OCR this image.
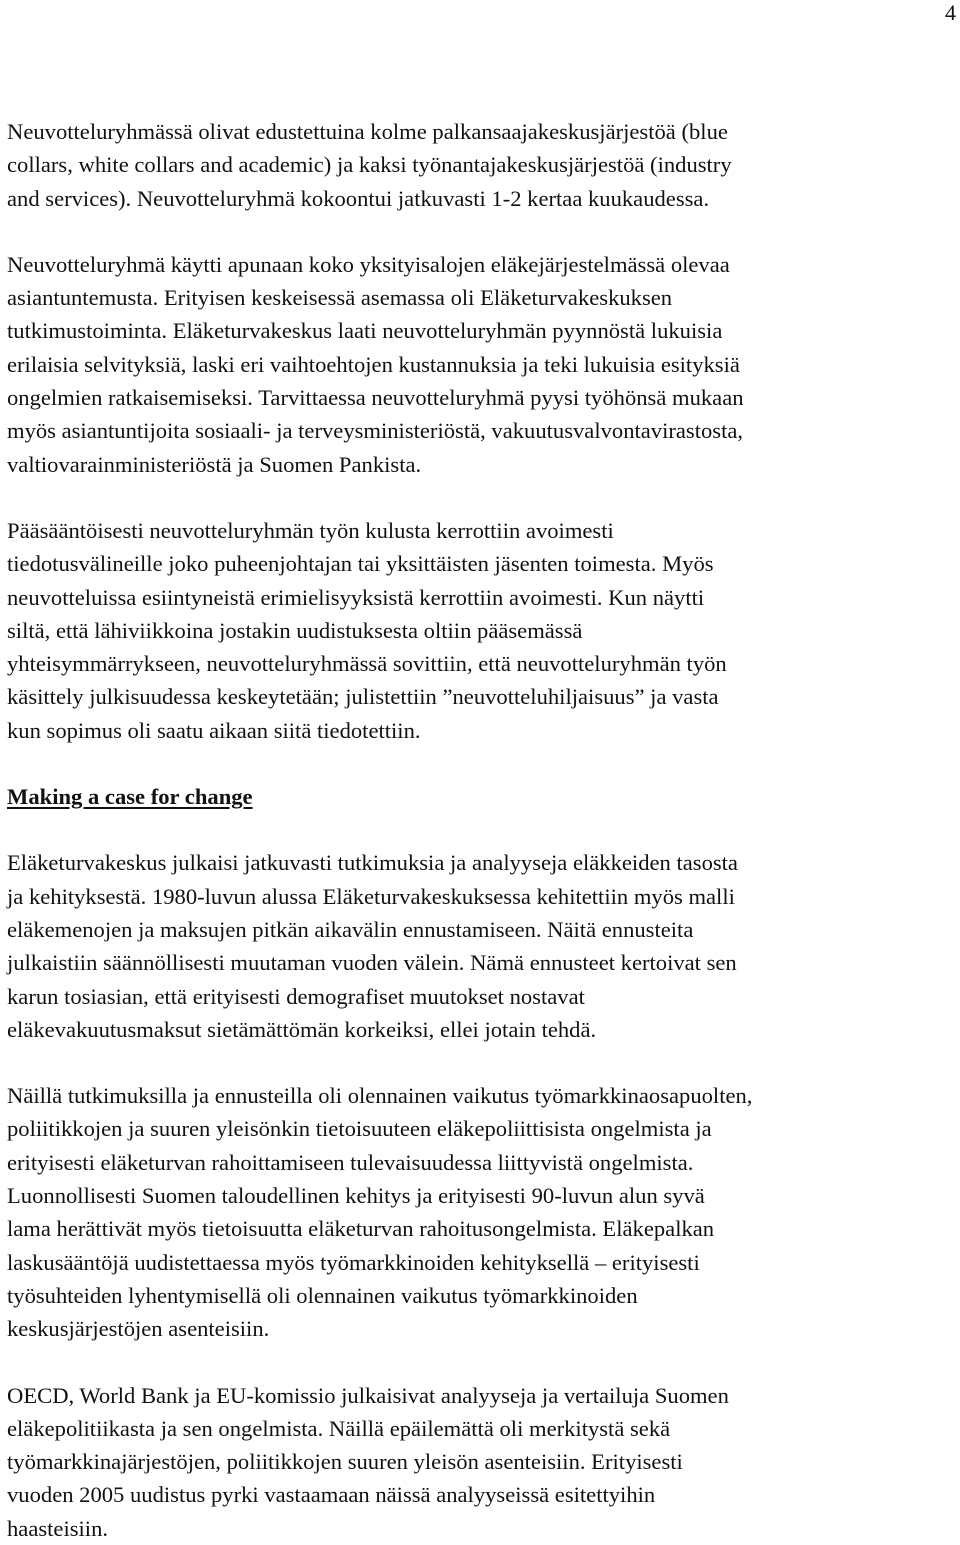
4

Neuvotteluryhmässä olivat edustettuina kolme palkansaajakeskusjärjestöä (blue
collars, white collars and academic) ja kaksi työnantajakeskusjärjestöä (industry
and services). Neuvotteluryhmä kokoontui jatkuvasti 1-2 kertaa kuukaudessa.

Neuvotteluryhmä käytti apunaan koko yksityisalojen eläkejärjestelmässä olevaa
asiantuntemusta. Erityisen keskeisessä asemassa oli Eläketurvakeskuksen
tutkimustoiminta. Eläketurvakeskus laati neuvotteluryhmän pyynnöstä lukuisia
erilaisia selvityksiä, laski eri vaihtoehtojen kustannuksia ja teki lukuisia esityksiä
ongelmien ratkaisemiseksi. Tarvittaessa neuvotteluryhmä pyysi työhönsä mukaan
myös asiantuntijoita sosiaali- ja terveysministeriöstä, vakuutusvalvontavirastosta,
valtiovarainministeriöstä ja Suomen Pankista.

Pääsääntöisesti neuvotteluryhmän työn kulusta kerrottiin avoimesti
tiedotusvälineille joko puheenjohtajan tai yksittäisten jäsenten toimesta. Myös
neuvotteluissa esiintyneistä erimielisyyksistä kerrottiin avoimesti. Kun näytti
siltä, että lähiviikkoina jostakin uudistuksesta oltiin pääsemässä
yhteisymmärrykseen, neuvotteluryhmässä sovittiin, että neuvotteluryhmän työn
käsittely julkisuudessa keskeytetään; julistettiin ”neuvotteluhiljaisuus” ja vasta
kun sopimus oli saatu aikaan siitä tiedotettiin.

Making a case for change

Eläketurvakeskus julkaisi jatkuvasti tutkimuksia ja analyyseja eläkkeiden tasosta
ja kehityksestä. 1980-luvun alussa Eläketurvakeskuksessa kehitettiin myös malli
eläkemenojen ja maksujen pitkän aikavälin ennustamiseen. Näitä ennusteita
julkaistiin säännöllisesti muutaman vuoden välein. Nämä ennusteet kertoivat sen
karun tosiasian, että erityisesti demografiset muutokset nostavat
eläkevakuutusmaksut sietämättömän korkeiksi, ellei jotain tehdä.

Näillä tutkimuksilla ja ennusteilla oli olennainen vaikutus työmarkkinaosapuolten,
poliitikkojen ja suuren yleisönkin tietoisuuteen eläkepoliittisista ongelmista ja
erityisesti eläketurvan rahoittamiseen tulevaisuudessa liittyvistä ongelmista.
Luonnollisesti Suomen taloudellinen kehitys ja erityisesti 90-luvun alun syvä
lama herättivät myös tietoisuutta eläketurvan rahoitusongelmista. Eläkepalkan
laskusääntöjä uudistettaessa myös työmarkkinoiden kehityksellä – erityisesti
työsuhteiden lyhentymisellä oli olennainen vaikutus työmarkkinoiden
keskusjärjestöjen asenteisiin.

OECD, World Bank ja EU-komissio julkaisivat analyyseja ja vertailuja Suomen
eläkepolitiikasta ja sen ongelmista. Näillä epäilemättä oli merkitystä sekä
työmarkkinajärjestöjen, poliitikkojen suuren yleisön asenteisiin. Erityisesti
vuoden 2005 uudistus pyrki vastaamaan näissä analyyseissä esitettyihin
haasteisiin.
